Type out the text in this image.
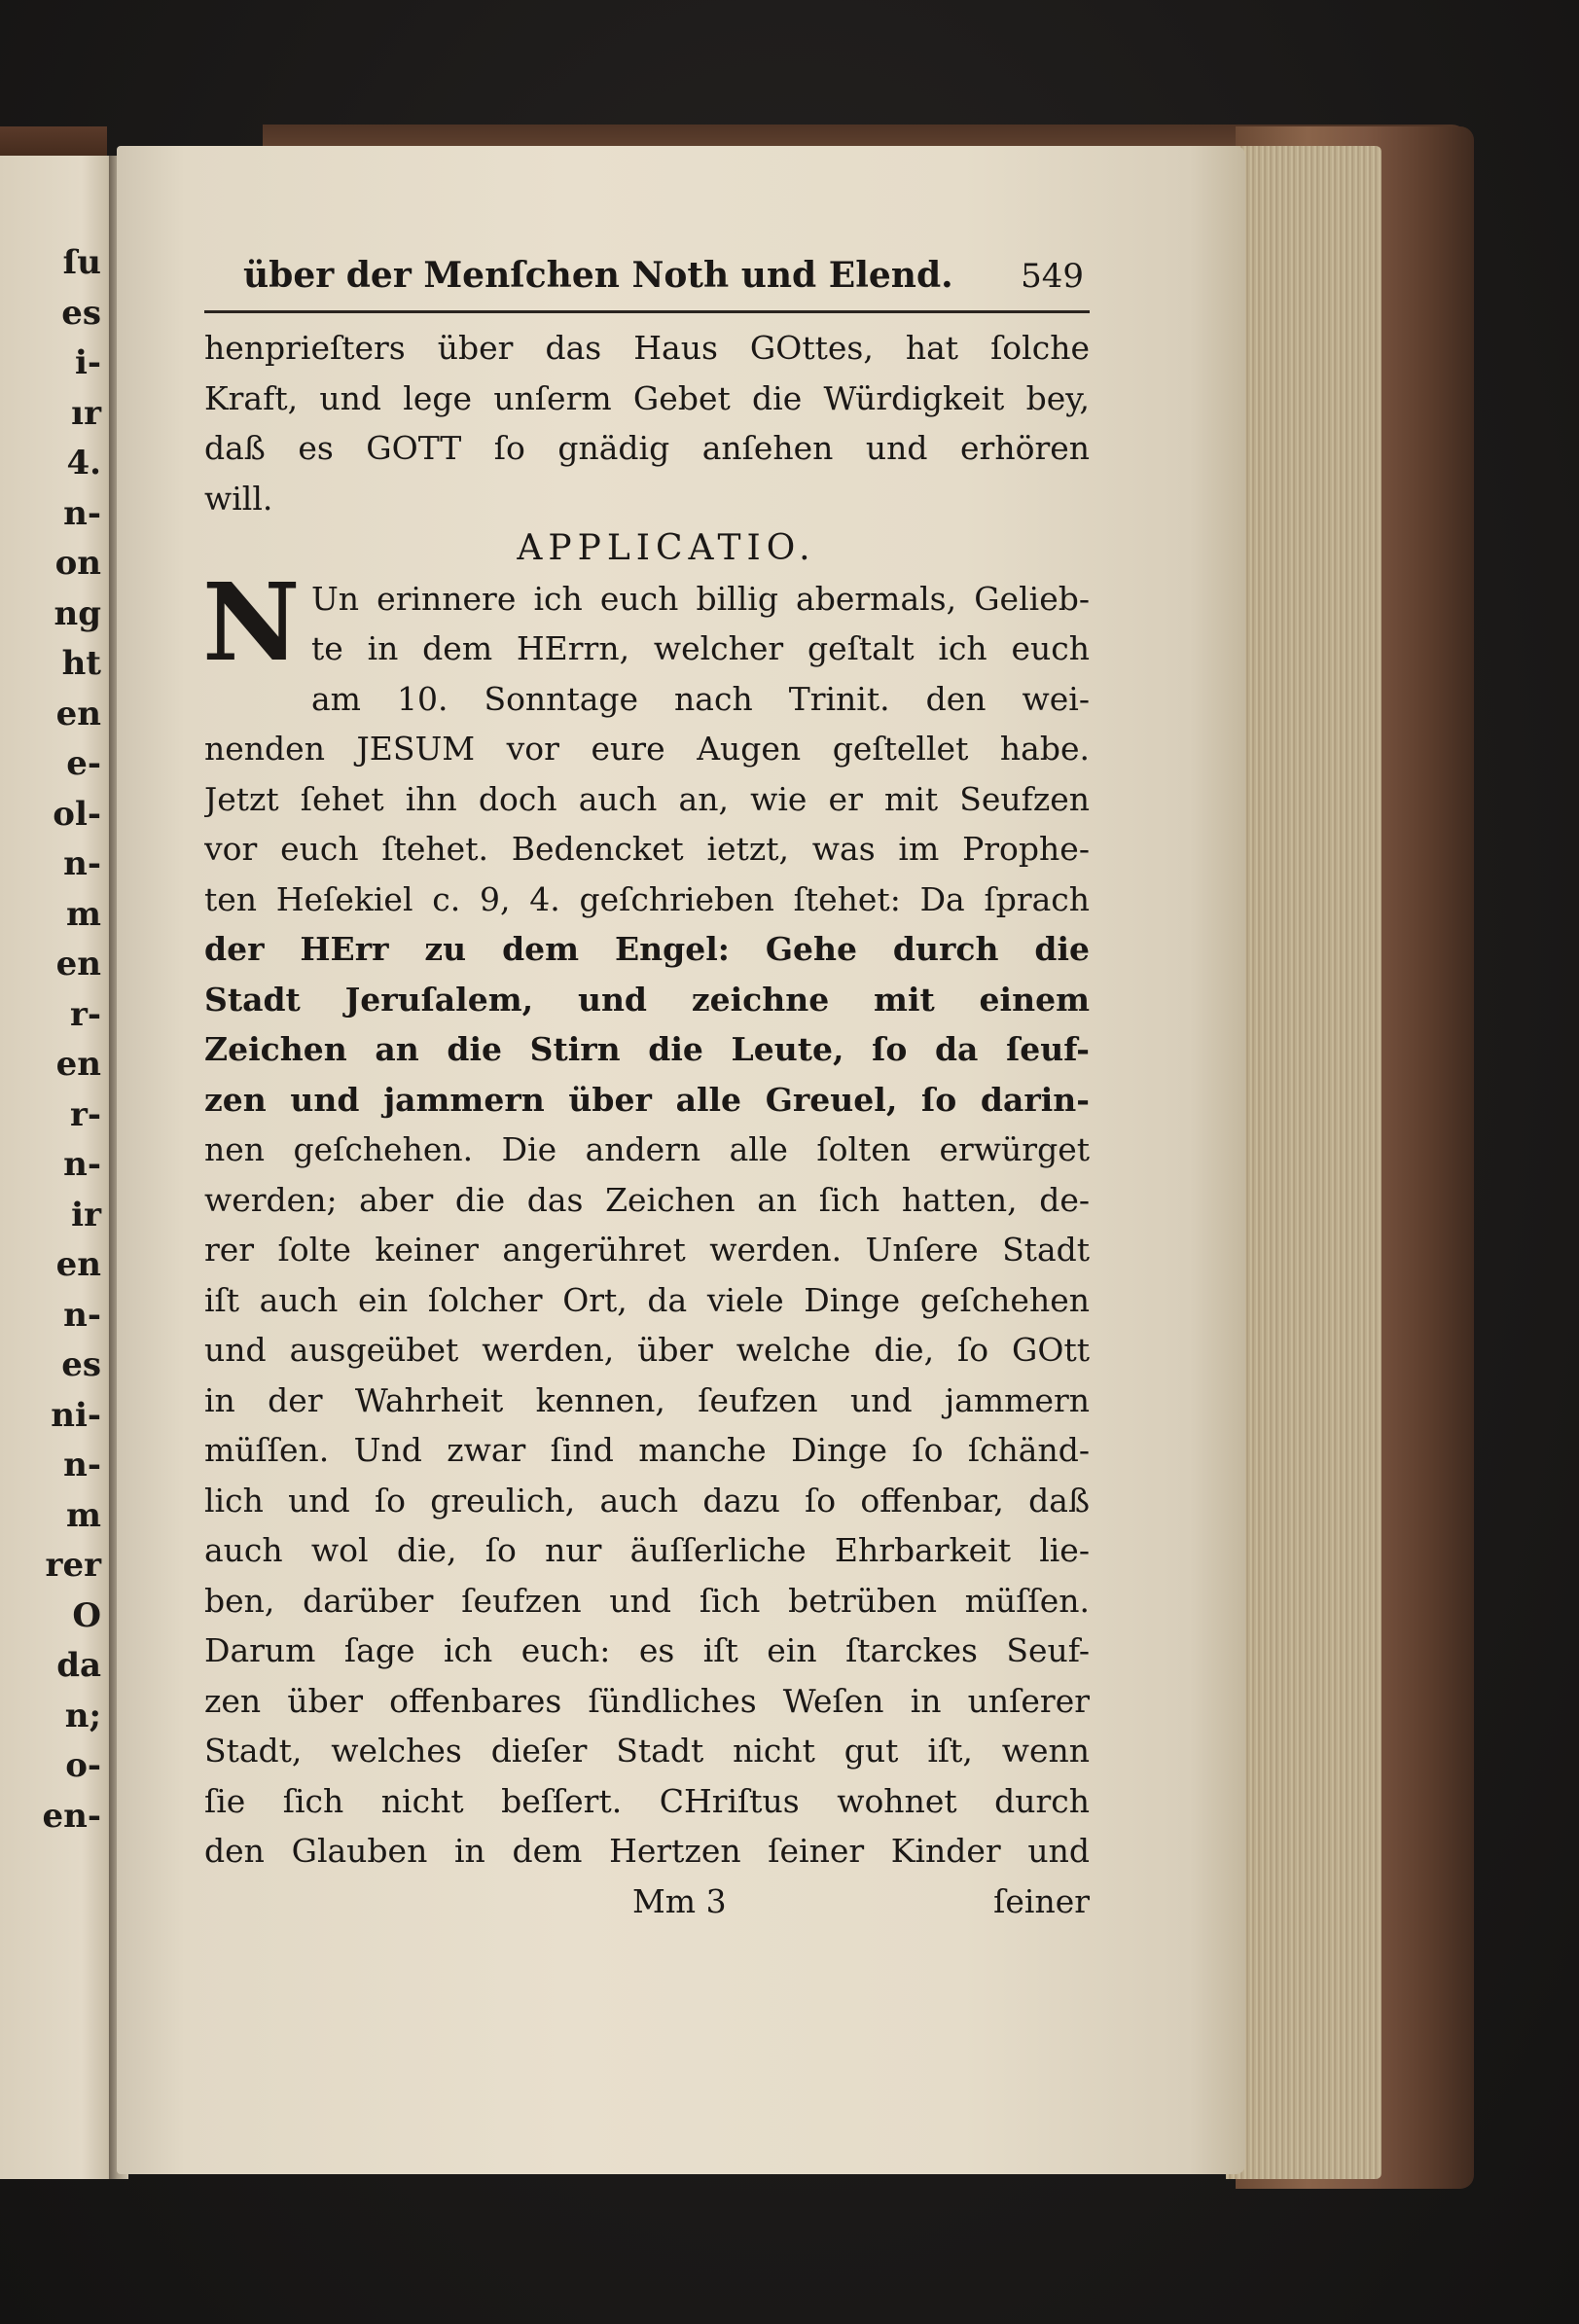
ſu
es
i-
ır
4.
n-
on
ng
ht
en
e-
ol-
n-
m
en
r-
en
r-
n-
ir
en
n-
es
ni-
n-
m
rer
O
da
n;
o-
en-
über der Menſchen Noth und Elend. 549
henprieſters über das Haus GOttes, hat ſolche
Kraft, und lege unſerm Gebet die Würdigkeit bey,
daß es GOTT ſo gnädig anſehen und erhören
will.
APPLICATIO.
N Un erinnere ich euch billig abermals, Gelieb-
te in dem HErrn, welcher geſtalt ich euch
am 10. Sonntage nach Trinit. den wei-
nenden JESUM vor eure Augen geſtellet habe.
Jetzt ſehet ihn doch auch an, wie er mit Seufzen
vor euch ſtehet. Bedencket ietzt, was im Prophe-
ten Heſekiel c. 9, 4. geſchrieben ſtehet: Da ſprach
der HErr zu dem Engel: Gehe durch die
Stadt Jeruſalem, und zeichne mit einem
Zeichen an die Stirn die Leute, ſo da ſeuf-
zen und jammern über alle Greuel, ſo darin-
nen geſchehen. Die andern alle ſolten erwürget
werden; aber die das Zeichen an ſich hatten, de-
rer ſolte keiner angerühret werden. Unſere Stadt
iſt auch ein ſolcher Ort, da viele Dinge geſchehen
und ausgeübet werden, über welche die, ſo GOtt
in der Wahrheit kennen, ſeufzen und jammern
müſſen. Und zwar ſind manche Dinge ſo ſchänd-
lich und ſo greulich, auch dazu ſo offenbar, daß
auch wol die, ſo nur äuſſerliche Ehrbarkeit lie-
ben, darüber ſeufzen und ſich betrüben müſſen.
Darum ſage ich euch: es iſt ein ſtarckes Seuf-
zen über offenbares ſündliches Weſen in unſerer
Stadt, welches dieſer Stadt nicht gut iſt, wenn
ſie ſich nicht beſſert. CHriſtus wohnet durch
den Glauben in dem Hertzen ſeiner Kinder und
Mm 3	ſeiner
